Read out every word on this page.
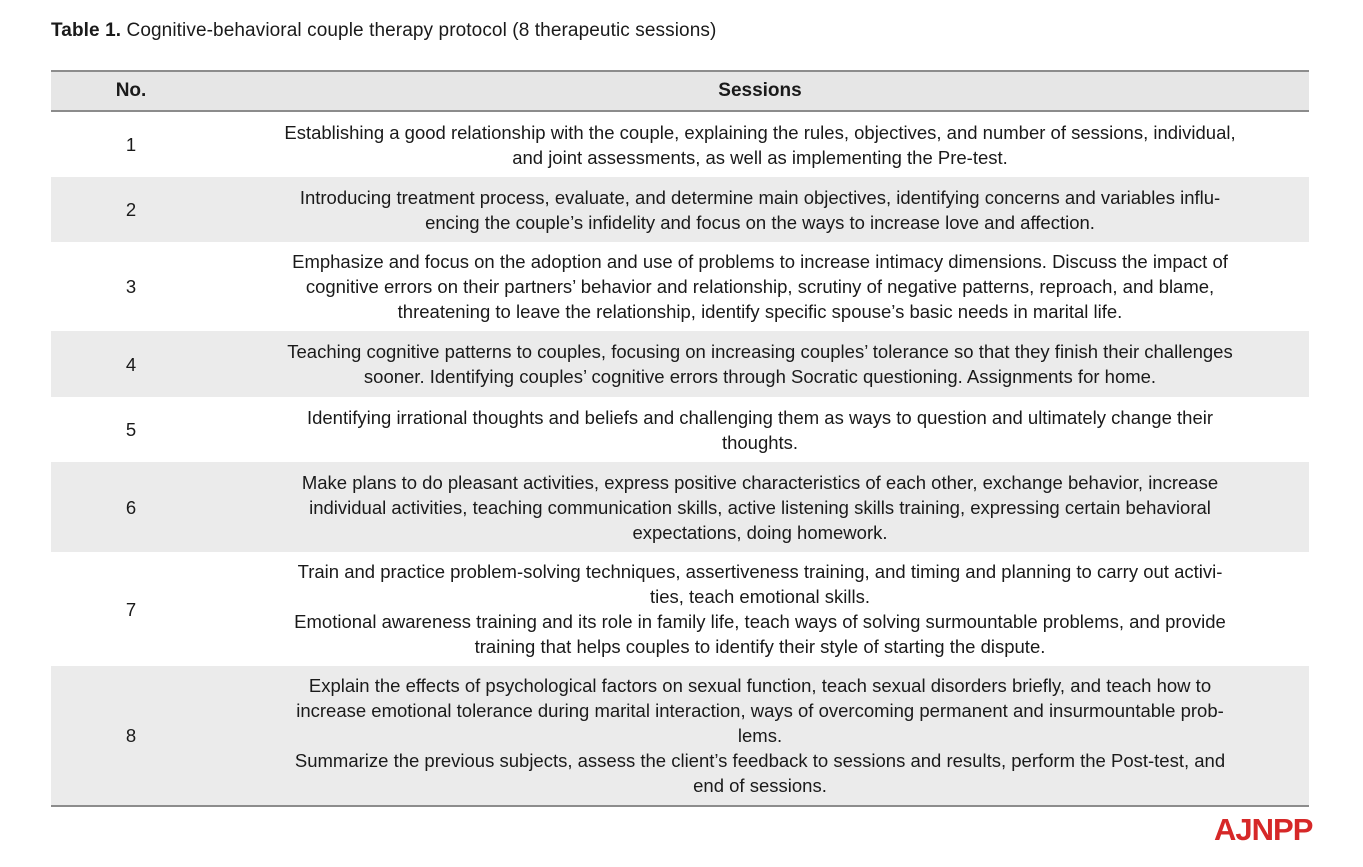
Table 1. Cognitive-behavioral couple therapy protocol (8 therapeutic sessions)
No.	Sessions
1	Establishing a good relationship with the couple, explaining the rules, objectives, and number of sessions, individual,
and joint assessments, as well as implementing the Pre-test.

2	Introducing treatment process, evaluate, and determine main objectives, identifying concerns and variables influ-
encing the couple’s infidelity and focus on the ways to increase love and affection.

3	Emphasize and focus on the adoption and use of problems to increase intimacy dimensions. Discuss the impact of
cognitive errors on their partners’ behavior and relationship, scrutiny of negative patterns, reproach, and blame,
threatening to leave the relationship, identify specific spouse’s basic needs in marital life.

4	Teaching cognitive patterns to couples, focusing on increasing couples’ tolerance so that they finish their challenges
sooner. Identifying couples’ cognitive errors through Socratic questioning. Assignments for home.

5	Identifying irrational thoughts and beliefs and challenging them as ways to question and ultimately change their
thoughts.

6	Make plans to do pleasant activities, express positive characteristics of each other, exchange behavior, increase
individual activities, teaching communication skills, active listening skills training, expressing certain behavioral
expectations, doing homework.

7	Train and practice problem-solving techniques, assertiveness training, and timing and planning to carry out activi-
ties, teach emotional skills.
Emotional awareness training and its role in family life, teach ways of solving surmountable problems, and provide
training that helps couples to identify their style of starting the dispute.

8	Explain the effects of psychological factors on sexual function, teach sexual disorders briefly, and teach how to
increase emotional tolerance during marital interaction, ways of overcoming permanent and insurmountable prob-
lems.
Summarize the previous subjects, assess the client’s feedback to sessions and results, perform the Post-test, and
end of sessions.
AJNPP
